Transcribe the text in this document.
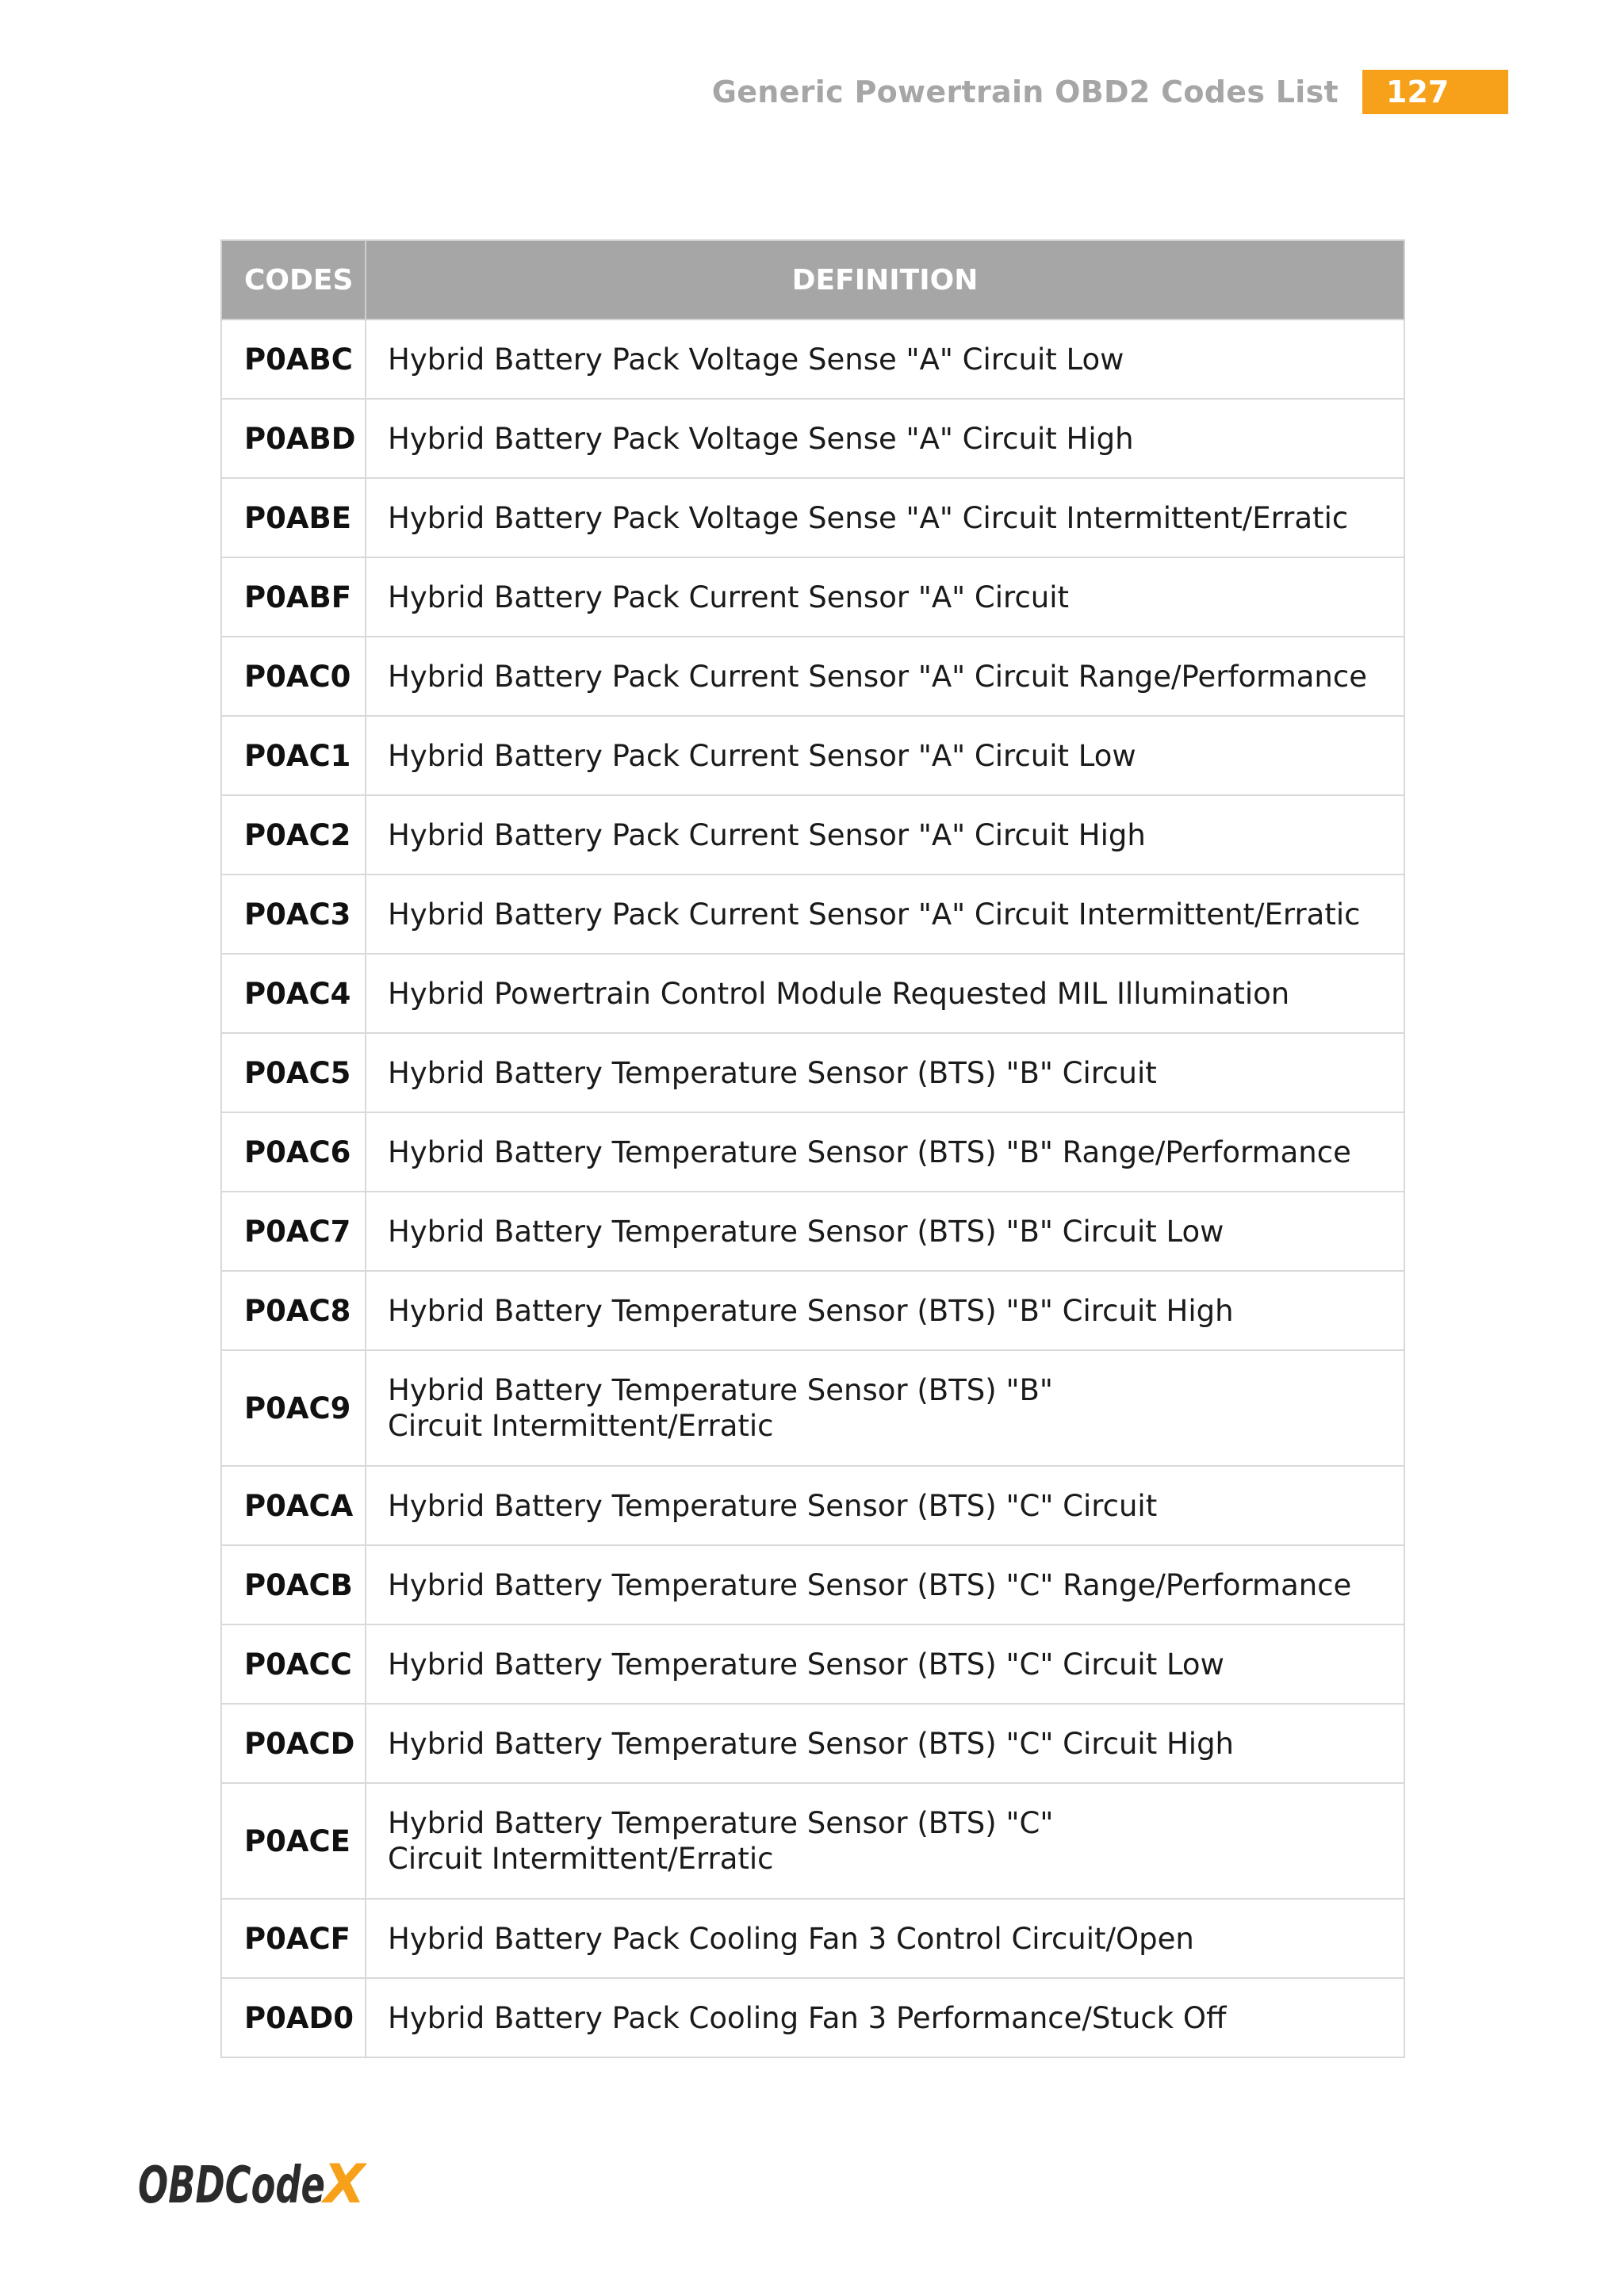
Generic Powertrain OBD2 Codes List	127
CODES	DEFINITION
P0ABC	Hybrid Battery Pack Voltage Sense "A" Circuit Low
P0ABD	Hybrid Battery Pack Voltage Sense "A" Circuit High
P0ABE	Hybrid Battery Pack Voltage Sense "A" Circuit Intermittent/Erratic
P0ABF	Hybrid Battery Pack Current Sensor "A" Circuit
P0AC0	Hybrid Battery Pack Current Sensor "A" Circuit Range/Performance
P0AC1	Hybrid Battery Pack Current Sensor "A" Circuit Low
P0AC2	Hybrid Battery Pack Current Sensor "A" Circuit High
P0AC3	Hybrid Battery Pack Current Sensor "A" Circuit Intermittent/Erratic
P0AC4	Hybrid Powertrain Control Module Requested MIL Illumination
P0AC5	Hybrid Battery Temperature Sensor (BTS) "B" Circuit
P0AC6	Hybrid Battery Temperature Sensor (BTS) "B" Range/Performance
P0AC7	Hybrid Battery Temperature Sensor (BTS) "B" Circuit Low
P0AC8	Hybrid Battery Temperature Sensor (BTS) "B" Circuit High
P0AC9	Hybrid Battery Temperature Sensor (BTS) "B" Circuit Intermittent/Erratic
P0ACA	Hybrid Battery Temperature Sensor (BTS) "C" Circuit
P0ACB	Hybrid Battery Temperature Sensor (BTS) "C" Range/Performance
P0ACC	Hybrid Battery Temperature Sensor (BTS) "C" Circuit Low
P0ACD	Hybrid Battery Temperature Sensor (BTS) "C" Circuit High
P0ACE	Hybrid Battery Temperature Sensor (BTS) "C" Circuit Intermittent/Erratic
P0ACF	Hybrid Battery Pack Cooling Fan 3 Control Circuit/Open
P0AD0	Hybrid Battery Pack Cooling Fan 3 Performance/Stuck Off
OBDCode
X
